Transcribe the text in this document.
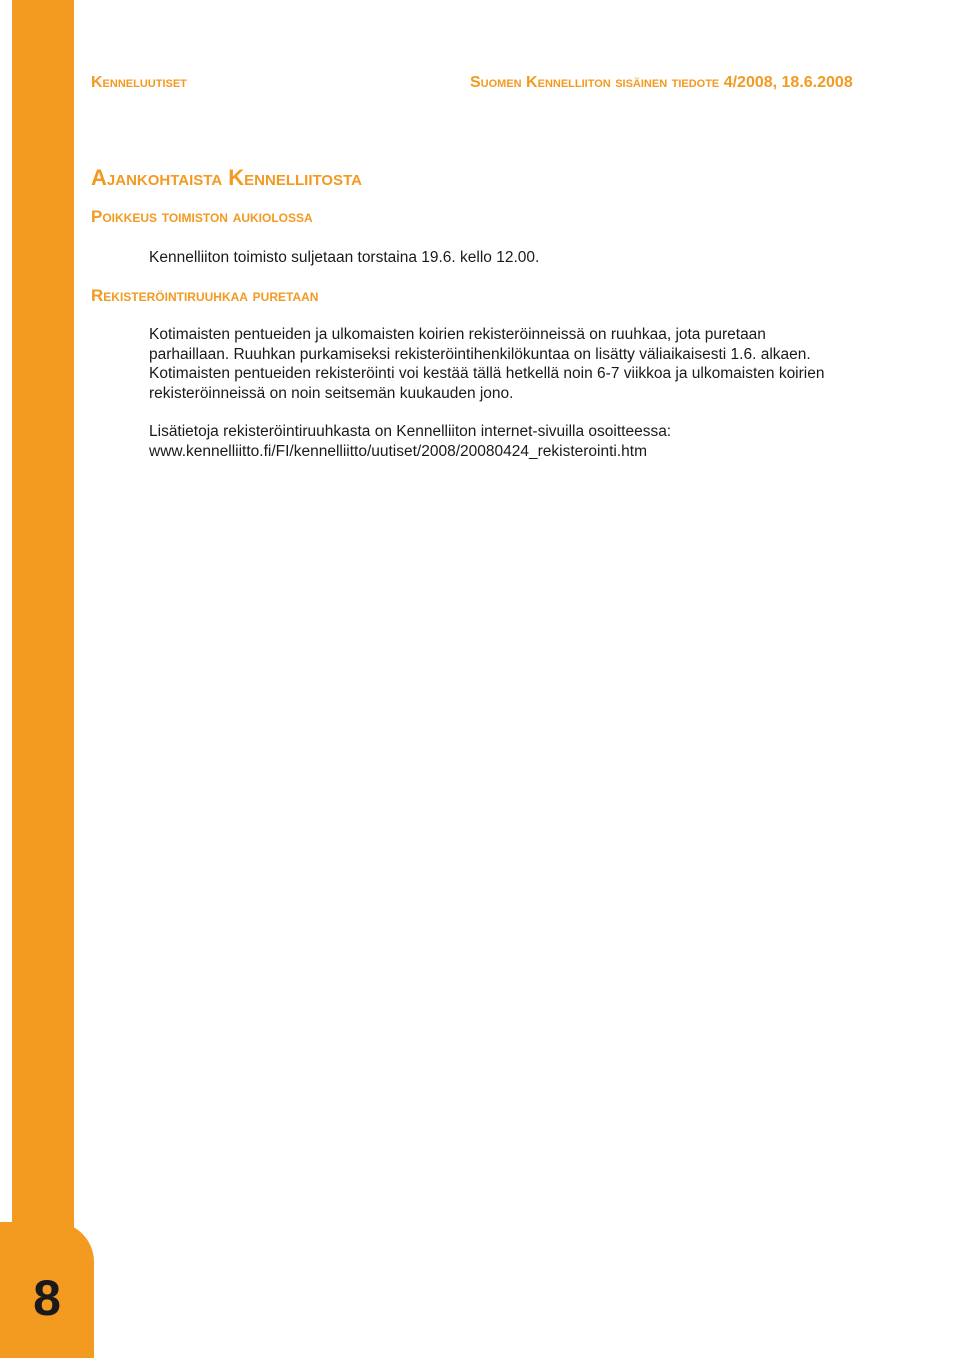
8
Kenneluutiset	Suomen Kennelliiton sisäinen tiedote 4/2008, 18.6.2008
Ajankohtaista Kennelliitosta
Poikkeus toimiston aukiolossa

Kennelliiton toimisto suljetaan torstaina 19.6. kello 12.00.

Rekisteröintiruuhkaa puretaan

Kotimaisten pentueiden ja ulkomaisten koirien rekisteröinneissä on ruuhkaa, jota puretaan
parhaillaan. Ruuhkan purkamiseksi rekisteröintihenkilökuntaa on lisätty väliaikaisesti 1.6. alkaen.
Kotimaisten pentueiden rekisteröinti voi kestää tällä hetkellä noin 6-7 viikkoa ja ulkomaisten koirien
rekisteröinneissä on noin seitsemän kuukauden jono.

Lisätietoja rekisteröintiruuhkasta on Kennelliiton internet-sivuilla osoitteessa:
www.kennelliitto.fi/FI/kennelliitto/uutiset/2008/20080424_rekisterointi.htm
